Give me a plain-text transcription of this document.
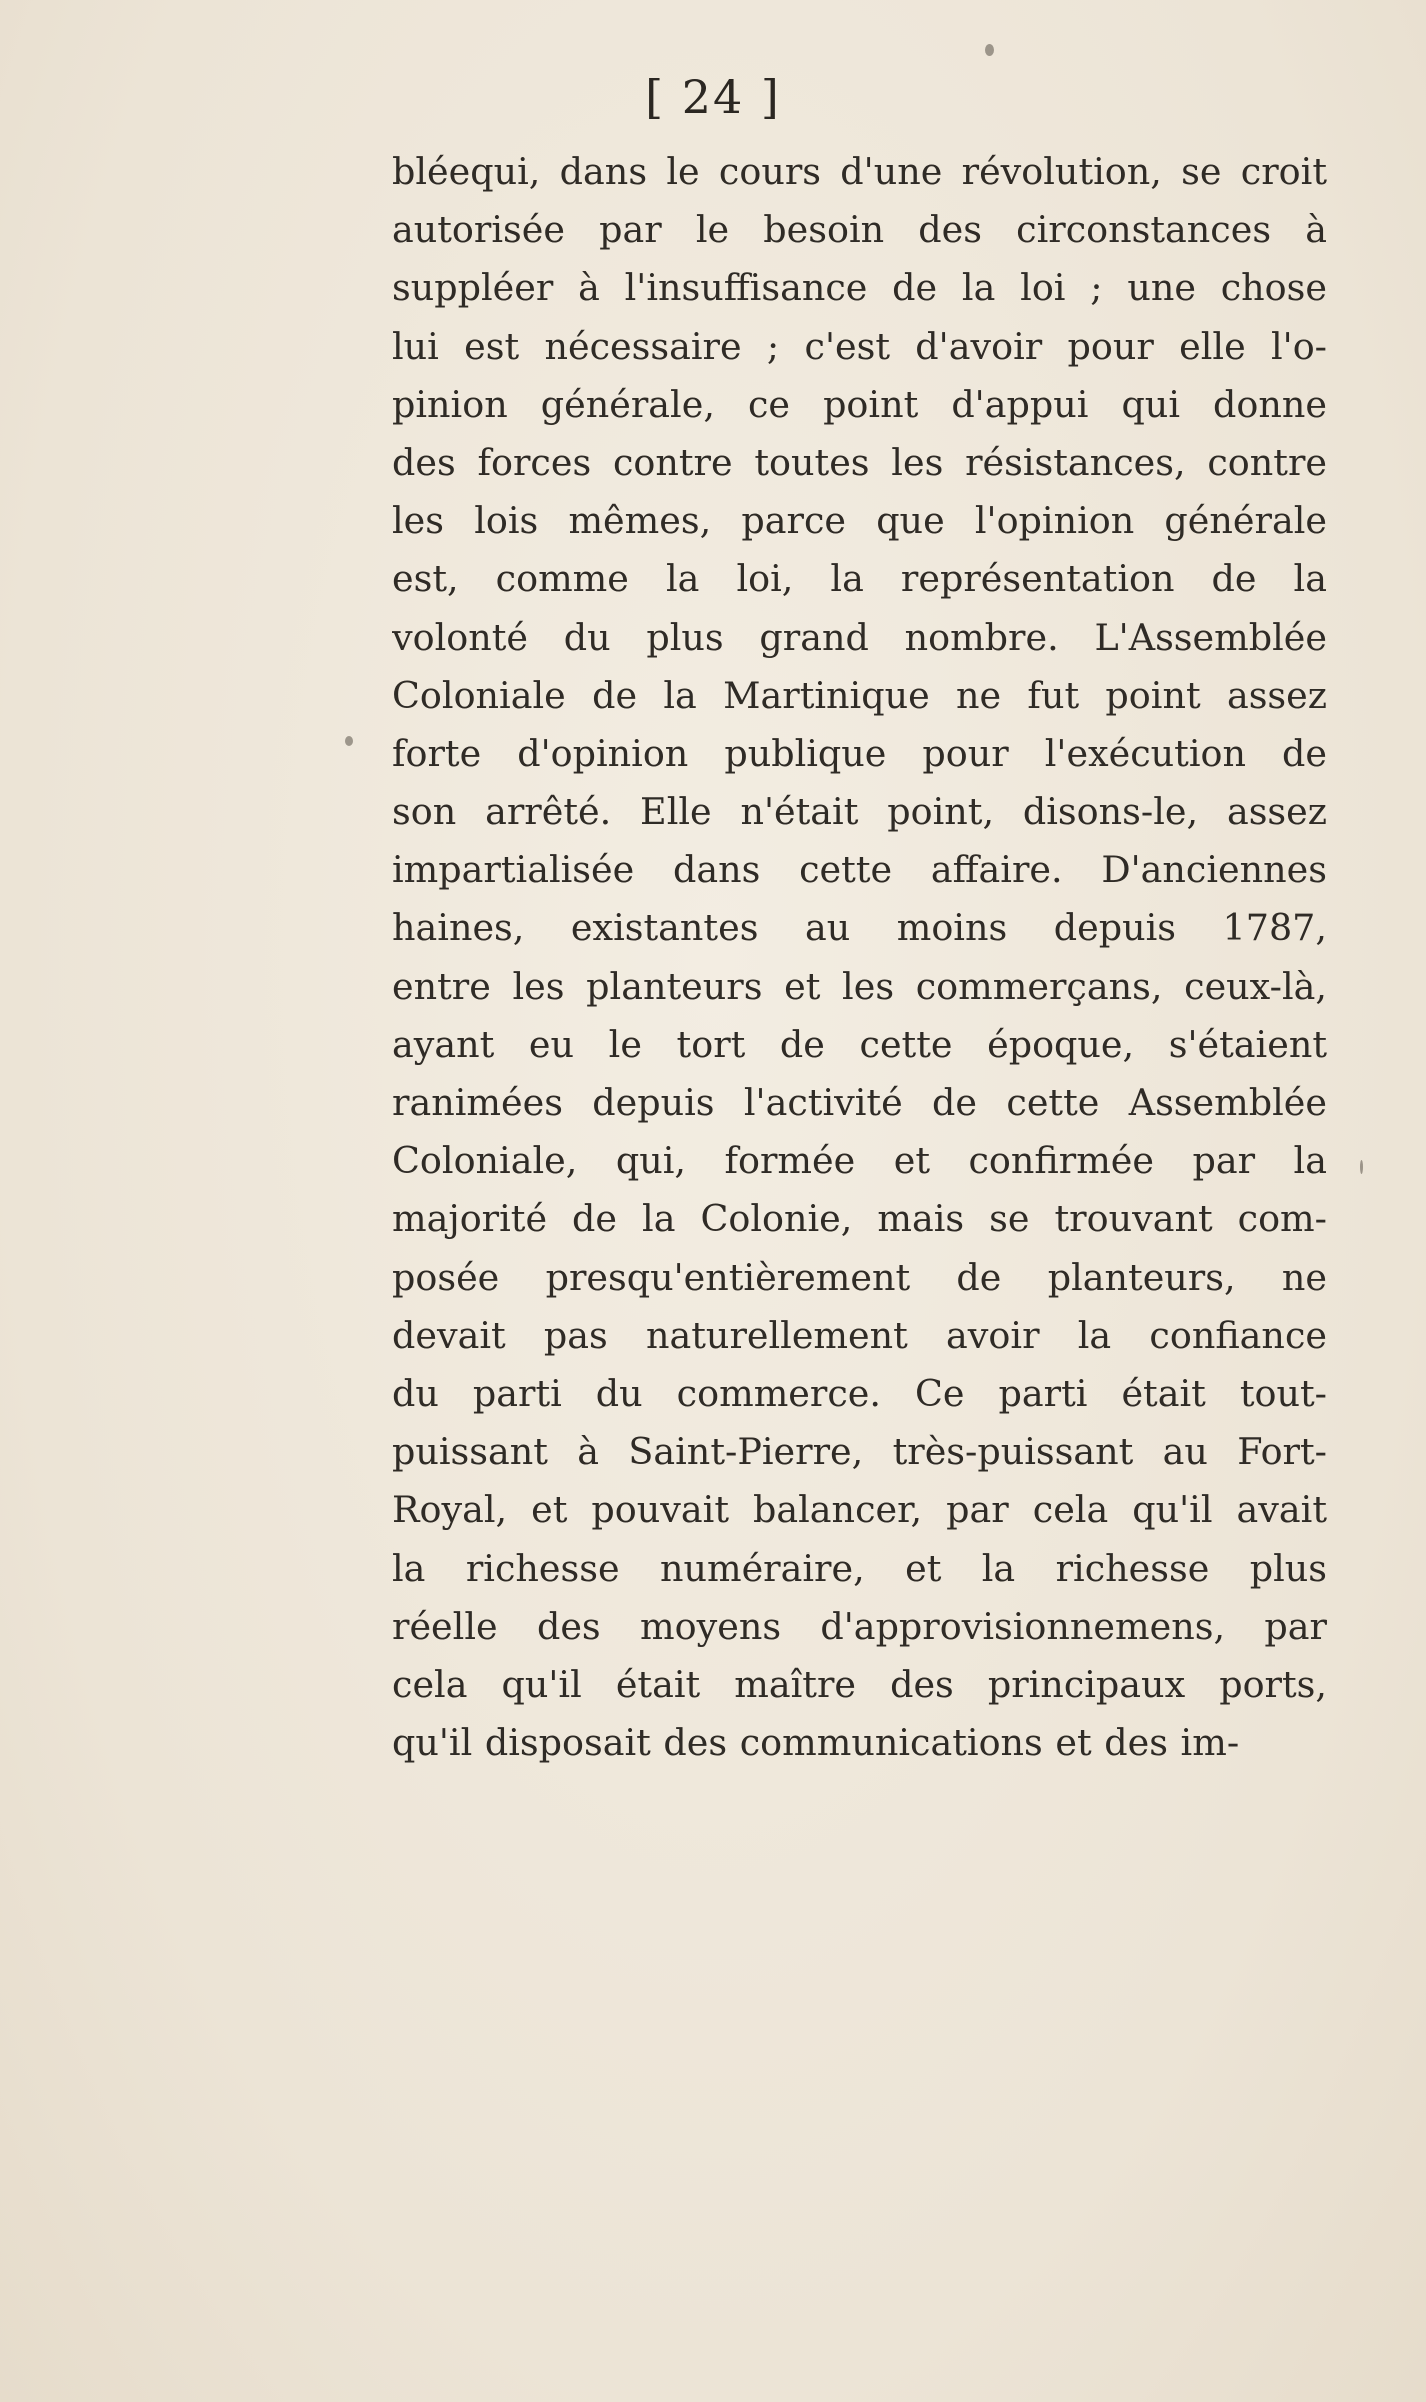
[ 24 ]
bléequi, dans le cours d'une révolution, se croit
autorisée par le besoin des circonstances à
suppléer à l'insuffisance de la loi ; une chose
lui est nécessaire ; c'est d'avoir pour elle l'o-
pinion générale, ce point d'appui qui donne
des forces contre toutes les résistances, contre
les lois mêmes, parce que l'opinion générale
est, comme la loi, la représentation de la
volonté du plus grand nombre. L'Assemblée
Coloniale de la Martinique ne fut point assez
forte d'opinion publique pour l'exécution de
son arrêté. Elle n'était point, disons-le, assez
impartialisée dans cette affaire. D'anciennes
haines, existantes au moins depuis 1787,
entre les planteurs et les commerçans, ceux-là,
ayant eu le tort de cette époque, s'étaient
ranimées depuis l'activité de cette Assemblée
Coloniale, qui, formée et confirmée par la
majorité de la Colonie, mais se trouvant com-
posée presqu'entièrement de planteurs, ne
devait pas naturellement avoir la confiance
du parti du commerce. Ce parti était tout-
puissant à Saint-Pierre, très-puissant au Fort-
Royal, et pouvait balancer, par cela qu'il avait
la richesse numéraire, et la richesse plus
réelle des moyens d'approvisionnemens, par
cela qu'il était maître des principaux ports,
qu'il disposait des communications et des im-
